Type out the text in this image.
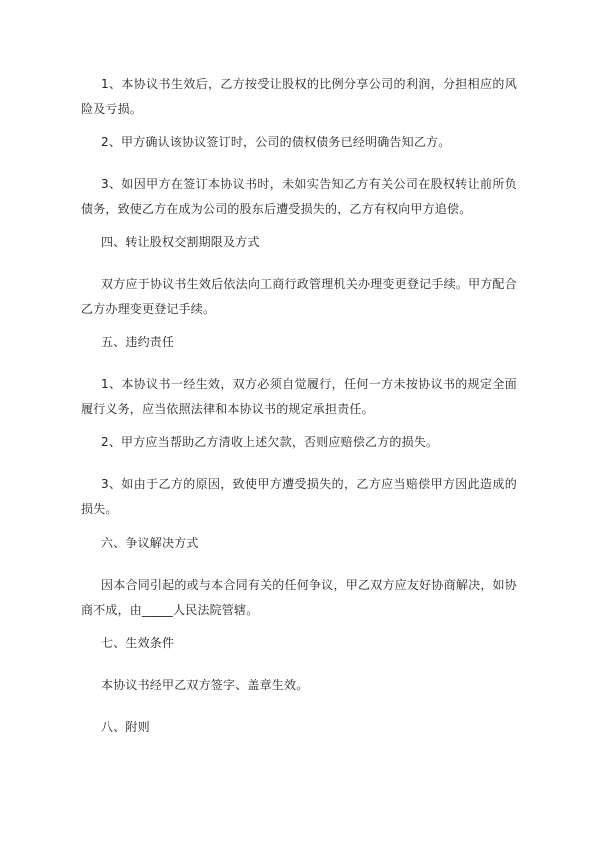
1、本协议书生效后，乙方按受让股权的比例分享公司的利润，分担相应的风险及亏损。

2、甲方确认该协议签订时，公司的债权债务已经明确告知乙方。

3、如因甲方在签订本协议书时，未如实告知乙方有关公司在股权转让前所负债务，致使乙方在成为公司的股东后遭受损失的，乙方有权向甲方追偿。

四、转让股权交割期限及方式

双方应于协议书生效后依法向工商行政管理机关办理变更登记手续。甲方配合乙方办理变更登记手续。

五、违约责任

1、本协议书一经生效，双方必须自觉履行，任何一方未按协议书的规定全面履行义务，应当依照法律和本协议书的规定承担责任。

2、甲方应当帮助乙方清收上述欠款，否则应赔偿乙方的损失。

3、如由于乙方的原因，致使甲方遭受损失的，乙方应当赔偿甲方因此造成的损失。

六、争议解决方式

因本合同引起的或与本合同有关的任何争议，甲乙双方应友好协商解决，如协商不成，由_____人民法院管辖。

七、生效条件

本协议书经甲乙双方签字、盖章生效。

八、附则
